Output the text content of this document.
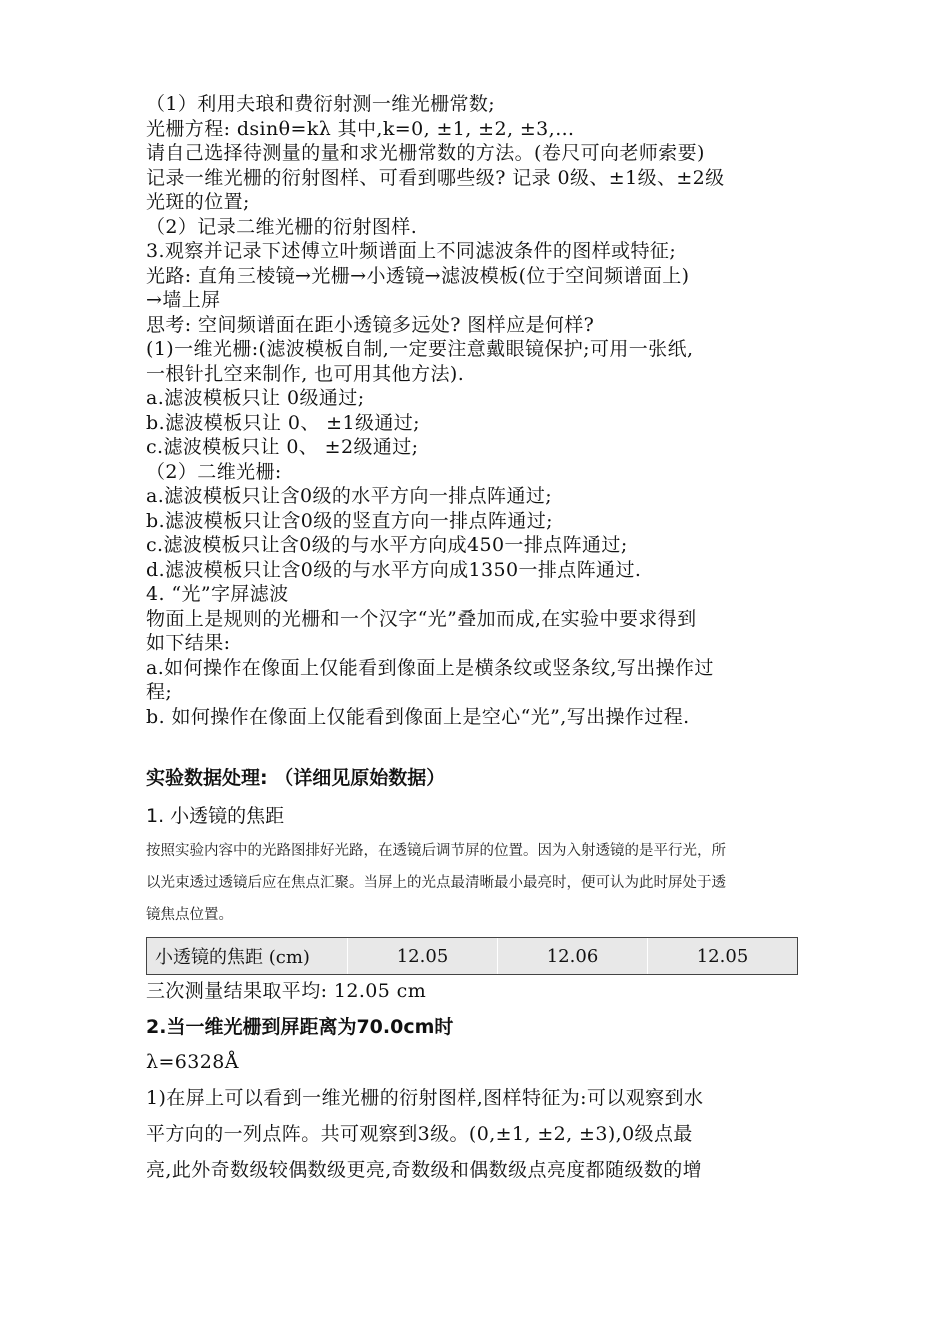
（1）利用夫琅和费衍射测一维光栅常数;
光栅方程: dsinθ=kλ 其中,k=0, ±1, ±2, ±3,…
请自己选择待测量的量和求光栅常数的方法。(卷尺可向老师索要)
记录一维光栅的衍射图样、可看到哪些级? 记录 0级、±1级、±2级
光斑的位置;
（2）记录二维光栅的衍射图样.
3.观察并记录下述傅立叶频谱面上不同滤波条件的图样或特征;
光路: 直角三棱镜→光栅→小透镜→滤波模板(位于空间频谱面上)
→墙上屏
思考: 空间频谱面在距小透镜多远处? 图样应是何样?
(1)一维光栅:(滤波模板自制,一定要注意戴眼镜保护;可用一张纸,
一根针扎空来制作, 也可用其他方法).
a.滤波模板只让 0级通过;
b.滤波模板只让 0、 ±1级通过;
c.滤波模板只让 0、 ±2级通过;
（2）二维光栅:
a.滤波模板只让含0级的水平方向一排点阵通过;
b.滤波模板只让含0级的竖直方向一排点阵通过;
c.滤波模板只让含0级的与水平方向成450一排点阵通过;
d.滤波模板只让含0级的与水平方向成1350一排点阵通过.
4. “光”字屏滤波
物面上是规则的光栅和一个汉字“光”叠加而成,在实验中要求得到
如下结果:
a.如何操作在像面上仅能看到像面上是横条纹或竖条纹,写出操作过
程;
b. 如何操作在像面上仅能看到像面上是空心“光”,写出操作过程.
实验数据处理: （详细见原始数据）
1. 小透镜的焦距
按照实验内容中的光路图排好光路，在透镜后调节屏的位置。因为入射透镜的是平行光，所
以光束透过透镜后应在焦点汇聚。当屏上的光点最清晰最小最亮时，便可认为此时屏处于透
镜焦点位置。
小透镜的焦距 (cm)	12.05	12.06	12.05
三次测量结果取平均: 12.05 cm
2.当一维光栅到屏距离为70.0cm时
λ=6328Å
1)在屏上可以看到一维光栅的衍射图样,图样特征为:可以观察到水
平方向的一列点阵。共可观察到3级。(0,±1, ±2, ±3),0级点最
亮,此外奇数级较偶数级更亮,奇数级和偶数级点亮度都随级数的增
